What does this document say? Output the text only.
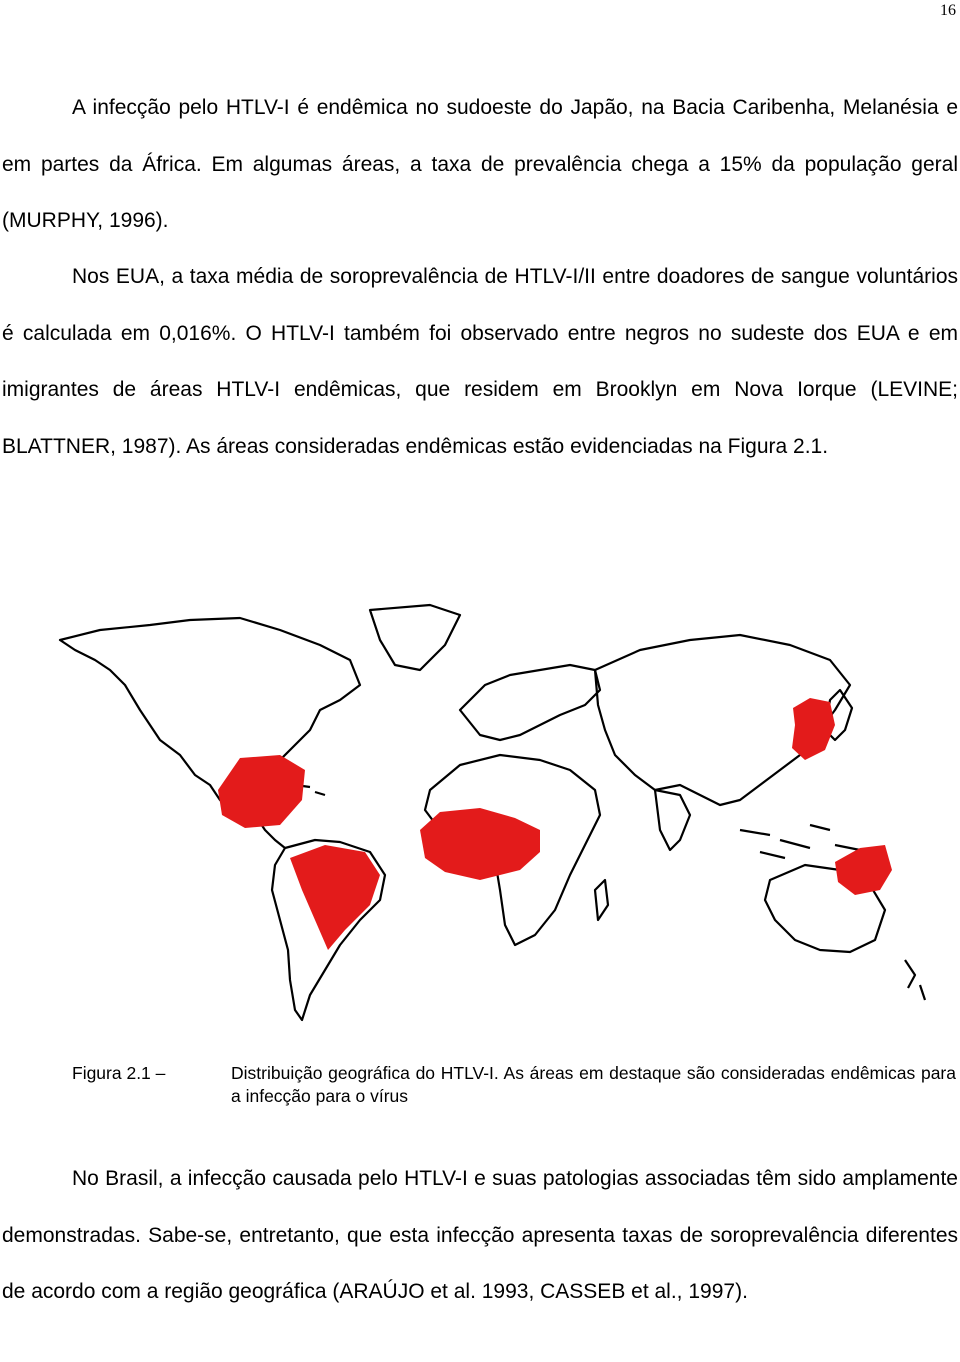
16

A infecção pelo HTLV-I é endêmica no sudoeste do Japão, na Bacia Caribenha, Melanésia e em partes da África. Em algumas áreas, a taxa de prevalência chega a 15% da população geral (MURPHY, 1996).

Nos EUA, a taxa média de soroprevalência de HTLV-I/II entre doadores de sangue voluntários é calculada em 0,016%. O HTLV-I também foi observado entre negros no sudeste dos EUA e em imigrantes de áreas HTLV-I endêmicas, que residem em Brooklyn em Nova Iorque (LEVINE; BLATTNER, 1987). As áreas consideradas endêmicas estão evidenciadas na Figura 2.1.

Figura 2.1 –	Distribuição geográfica do HTLV-I. As áreas em destaque são consideradas endêmicas para a infecção para o vírus

No Brasil, a infecção causada pelo HTLV-I e suas patologias associadas têm sido amplamente demonstradas. Sabe-se, entretanto, que esta infecção apresenta taxas de soroprevalência diferentes de acordo com a região geográfica (ARAÚJO et al. 1993, CASSEB et al., 1997).
